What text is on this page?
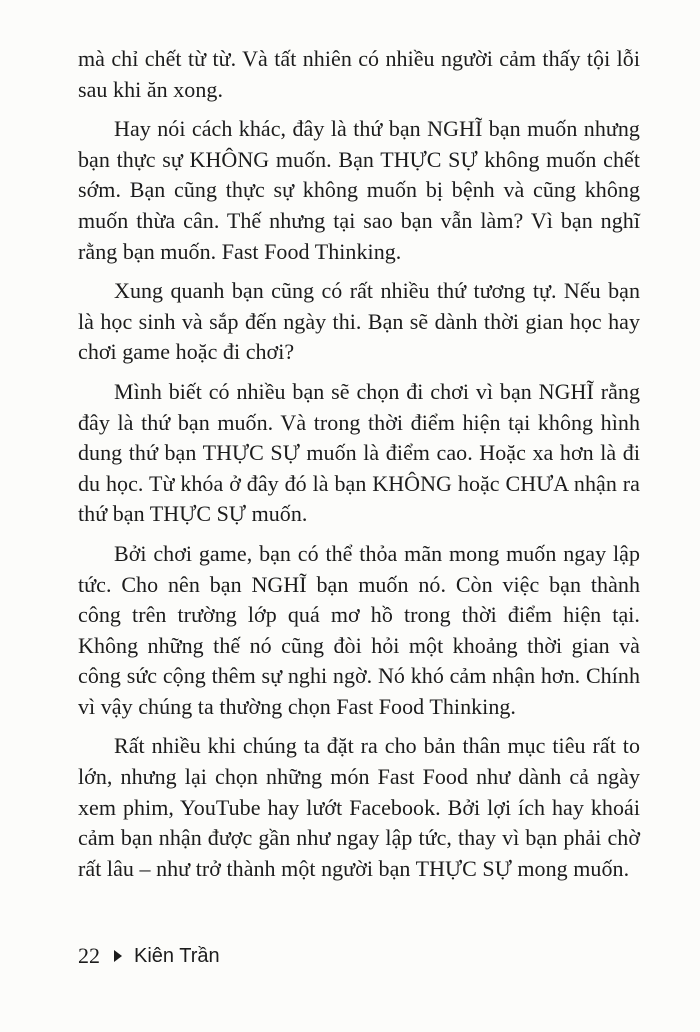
mà chỉ chết từ từ. Và tất nhiên có nhiều người cảm thấy tội lỗi sau khi ăn xong.

Hay nói cách khác, đây là thứ bạn NGHĨ bạn muốn nhưng bạn thực sự KHÔNG muốn. Bạn THỰC SỰ không muốn chết sớm. Bạn cũng thực sự không muốn bị bệnh và cũng không muốn thừa cân. Thế nhưng tại sao bạn vẫn làm? Vì bạn nghĩ rằng bạn muốn. Fast Food Thinking.

Xung quanh bạn cũng có rất nhiều thứ tương tự. Nếu bạn là học sinh và sắp đến ngày thi. Bạn sẽ dành thời gian học hay chơi game hoặc đi chơi?

Mình biết có nhiều bạn sẽ chọn đi chơi vì bạn NGHĨ rằng đây là thứ bạn muốn. Và trong thời điểm hiện tại không hình dung thứ bạn THỰC SỰ muốn là điểm cao. Hoặc xa hơn là đi du học. Từ khóa ở đây đó là bạn KHÔNG hoặc CHƯA nhận ra thứ bạn THỰC SỰ muốn.

Bởi chơi game, bạn có thể thỏa mãn mong muốn ngay lập tức. Cho nên bạn NGHĨ bạn muốn nó. Còn việc bạn thành công trên trường lớp quá mơ hồ trong thời điểm hiện tại. Không những thế nó cũng đòi hỏi một khoảng thời gian và công sức cộng thêm sự nghi ngờ. Nó khó cảm nhận hơn. Chính vì vậy chúng ta thường chọn Fast Food Thinking.

Rất nhiều khi chúng ta đặt ra cho bản thân mục tiêu rất to lớn, nhưng lại chọn những món Fast Food như dành cả ngày xem phim, YouTube hay lướt Facebook. Bởi lợi ích hay khoái cảm bạn nhận được gần như ngay lập tức, thay vì bạn phải chờ rất lâu – như trở thành một người bạn THỰC SỰ mong muốn.

22 Kiên Trần
